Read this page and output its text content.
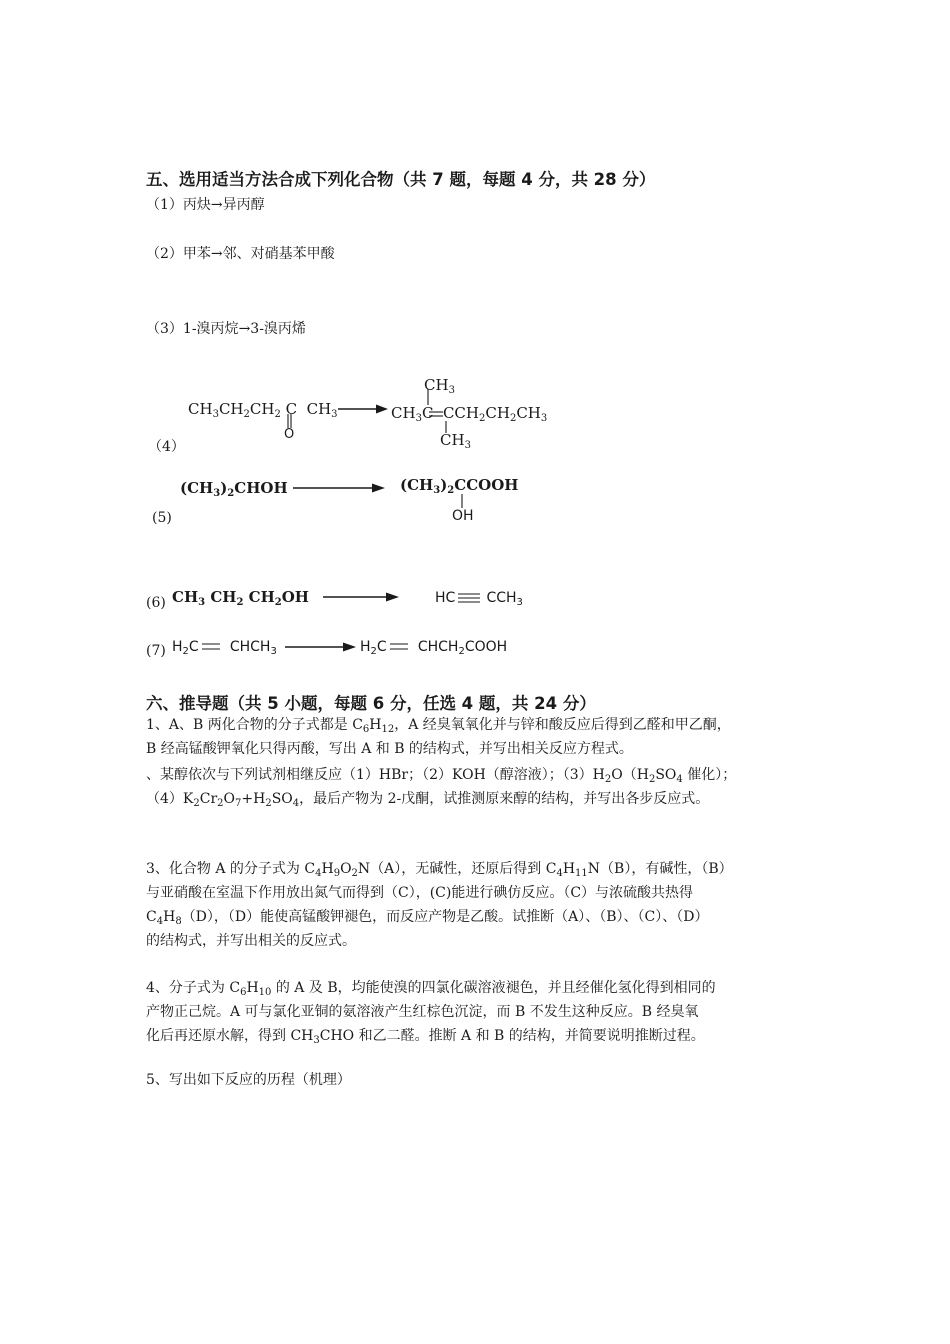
五、选用适当方法合成下列化合物（共 7 题，每题 4 分，共 28 分）
（1）丙炔→异丙醇
（2）甲苯→邻、对硝基苯甲酸
（3）1-溴丙烷→3-溴丙烯
（4）
$CH_3CH_2CH_2$ C  $CH_3$
O
$CH_3C$  $CCH_2CH_2CH_3$
$CH_3$
$CH_3$
$(CH_3)_2CHOH$	$(CH_3)_2CCOOH$
OH
(5)
(6) $CH_3$ $CH_2$ $CH_2OH$	HC       $CCH_3$
(7) $H_2C$       $CHCH_3$	$H_2C$       $CHCH_2COOH$
六、推导题（共 5 小题，每题 6 分，任选 4 题，共 24 分）
1、A、B 两化合物的分子式都是 $C_6H_{12}$，A 经臭氧氧化并与锌和酸反应后得到乙醛和甲乙酮，
B 经高锰酸钾氧化只得丙酸，写出 A 和 B 的结构式，并写出相关反应方程式。
、某醇依次与下列试剂相继反应（1）HBr；（2）KOH（醇溶液）；$(3)H_2O(H_2SO_4$ 催化）；
$(4)K_2Cr_2O_7+H_2SO_4$，最后产物为 2-戊酮，试推测原来醇的结构，并写出各步反应式。
3、化合物 A 的分子式为 $C_4H_9O_2N(A)$，无碱性，还原后得到 $C_4H_{11}N(B)$，有碱性，（B）
与亚硝酸在室温下作用放出氮气而得到（C），(C)能进行碘仿反应。（C）与浓硫酸共热得
$C_4H_8(D)$，（D）能使高锰酸钾褪色，而反应产物是乙酸。试推断（A）、（B）、（C）、（D）
的结构式，并写出相关的反应式。
4、分子式为 $C_6H_{10}$ 的 A 及 B，均能使溴的四氯化碳溶液褪色，并且经催化氢化得到相同的
产物正己烷。A 可与氯化亚铜的氨溶液产生红棕色沉淀，而 B 不发生这种反应。B 经臭氧
化后再还原水解，得到 $CH_3CHO$ 和乙二醛。推断 A 和 B 的结构，并简要说明推断过程。
5、写出如下反应的历程（机理）
